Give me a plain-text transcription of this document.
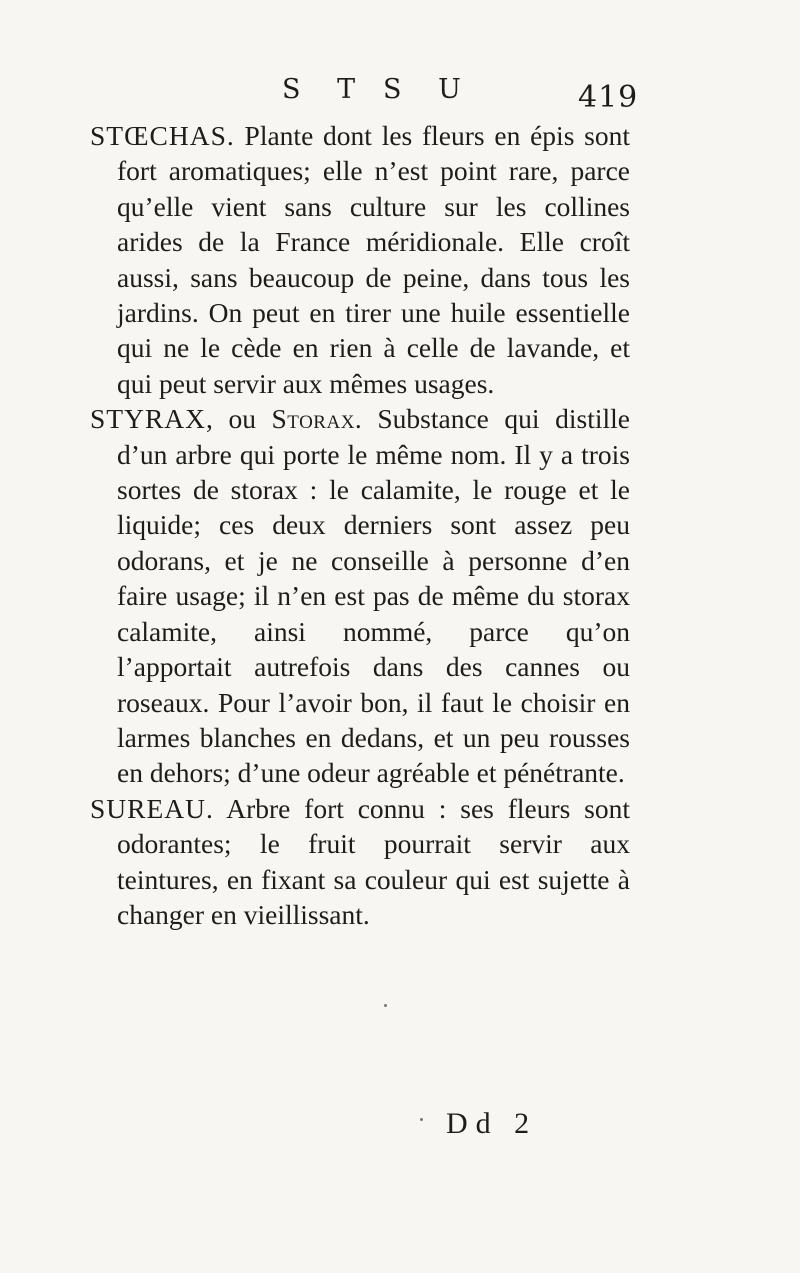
S T S U	419

STŒCHAS. Plante dont les fleurs en épis sont fort aromatiques; elle n’est point rare, parce qu’elle vient sans culture sur les collines arides de la France méridionale. Elle croît aussi, sans beaucoup de peine, dans tous les jardins. On peut en tirer une huile essentielle qui ne le cède en rien à celle de lavande, et qui peut servir aux mêmes usages.

STYRAX, ou Storax. Substance qui distille d’un arbre qui porte le même nom. Il y a trois sortes de storax : le calamite, le rouge et le liquide; ces deux derniers sont assez peu odorans, et je ne conseille à personne d’en faire usage; il n’en est pas de même du storax calamite, ainsi nommé, parce qu’on l’apportait autrefois dans des cannes ou roseaux. Pour l’avoir bon, il faut le choisir en larmes blanches en dedans, et un peu rousses en dehors; d’une odeur agréable et pénétrante.

SUREAU. Arbre fort connu : ses fleurs sont odorantes; le fruit pourrait servir aux teintures, en fixant sa couleur qui est sujette à changer en vieillissant.

Dd 2
